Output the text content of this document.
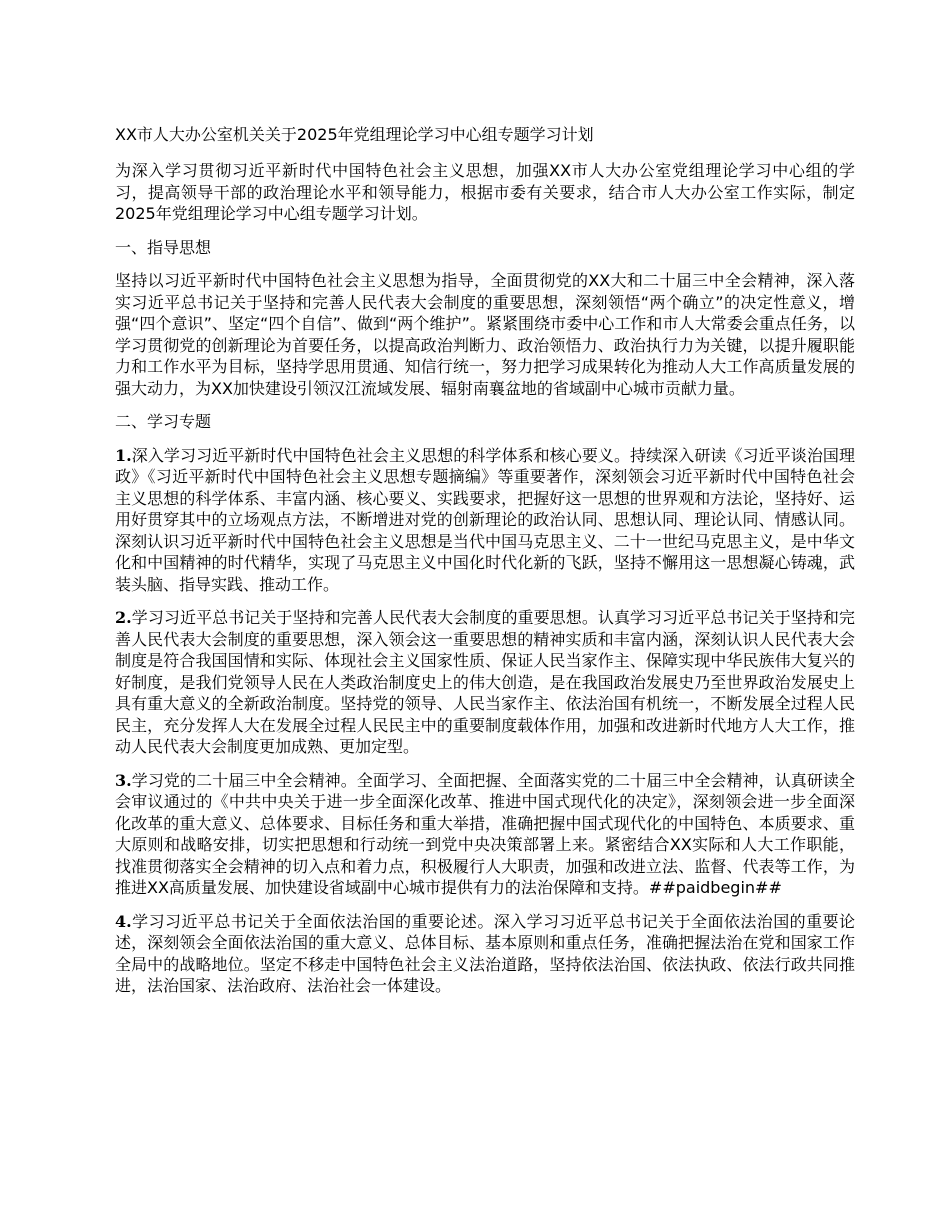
XX市人大办公室机关关于2025年党组理论学习中心组专题学习计划

为深入学习贯彻习近平新时代中国特色社会主义思想，加强XX市人大办公室党组理论学习中心组的学习，提高领导干部的政治理论水平和领导能力，根据市委有关要求，结合市人大办公室工作实际，制定2025年党组理论学习中心组专题学习计划。

一、指导思想

坚持以习近平新时代中国特色社会主义思想为指导，全面贯彻党的XX大和二十届三中全会精神，深入落实习近平总书记关于坚持和完善人民代表大会制度的重要思想，深刻领悟“两个确立”的决定性意义，增强“四个意识”、坚定“四个自信”、做到“两个维护”。紧紧围绕市委中心工作和市人大常委会重点任务，以学习贯彻党的创新理论为首要任务，以提高政治判断力、政治领悟力、政治执行力为关键，以提升履职能力和工作水平为目标，坚持学思用贯通、知信行统一，努力把学习成果转化为推动人大工作高质量发展的强大动力，为XX加快建设引领汉江流域发展、辐射南襄盆地的省域副中心城市贡献力量。

二、学习专题

1.深入学习习近平新时代中国特色社会主义思想的科学体系和核心要义。持续深入研读《习近平谈治国理政》《习近平新时代中国特色社会主义思想专题摘编》等重要著作，深刻领会习近平新时代中国特色社会主义思想的科学体系、丰富内涵、核心要义、实践要求，把握好这一思想的世界观和方法论，坚持好、运用好贯穿其中的立场观点方法，不断增进对党的创新理论的政治认同、思想认同、理论认同、情感认同。深刻认识习近平新时代中国特色社会主义思想是当代中国马克思主义、二十一世纪马克思主义，是中华文化和中国精神的时代精华，实现了马克思主义中国化时代化新的飞跃，坚持不懈用这一思想凝心铸魂，武装头脑、指导实践、推动工作。

2.学习习近平总书记关于坚持和完善人民代表大会制度的重要思想。认真学习习近平总书记关于坚持和完善人民代表大会制度的重要思想，深入领会这一重要思想的精神实质和丰富内涵，深刻认识人民代表大会制度是符合我国国情和实际、体现社会主义国家性质、保证人民当家作主、保障实现中华民族伟大复兴的好制度，是我们党领导人民在人类政治制度史上的伟大创造，是在我国政治发展史乃至世界政治发展史上具有重大意义的全新政治制度。坚持党的领导、人民当家作主、依法治国有机统一，不断发展全过程人民民主，充分发挥人大在发展全过程人民民主中的重要制度载体作用，加强和改进新时代地方人大工作，推动人民代表大会制度更加成熟、更加定型。

3.学习党的二十届三中全会精神。全面学习、全面把握、全面落实党的二十届三中全会精神，认真研读全会审议通过的《中共中央关于进一步全面深化改革、推进中国式现代化的决定》，深刻领会进一步全面深化改革的重大意义、总体要求、目标任务和重大举措，准确把握中国式现代化的中国特色、本质要求、重大原则和战略安排，切实把思想和行动统一到党中央决策部署上来。紧密结合XX实际和人大工作职能，找准贯彻落实全会精神的切入点和着力点，积极履行人大职责，加强和改进立法、监督、代表等工作，为推进XX高质量发展、加快建设省域副中心城市提供有力的法治保障和支持。##paidbegin##

4.学习习近平总书记关于全面依法治国的重要论述。深入学习习近平总书记关于全面依法治国的重要论述，深刻领会全面依法治国的重大意义、总体目标、基本原则和重点任务，准确把握法治在党和国家工作全局中的战略地位。坚定不移走中国特色社会主义法治道路，坚持依法治国、依法执政、依法行政共同推进，法治国家、法治政府、法治社会一体建设。
